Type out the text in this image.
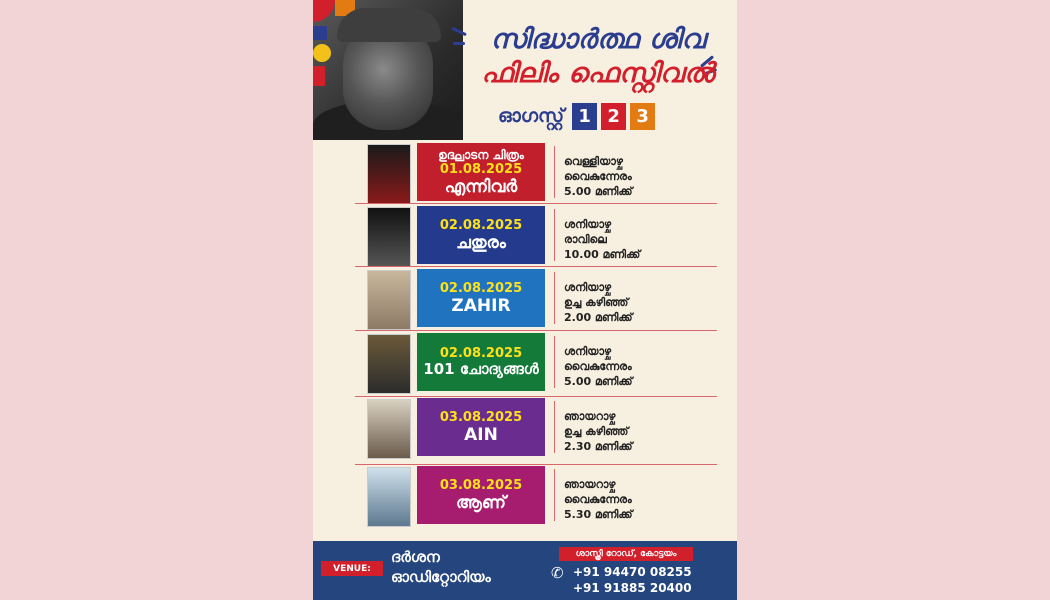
സിദ്ധാർത്ഥ ശിവ
ഫിലിം ഫെസ്റ്റിവൽ
ഓഗസ്റ്റ് 1 2 3
ഉദ്ഘാടന ചിത്രം
01.08.2025
എന്നിവർ
വെള്ളിയാഴ്ച
വൈകുന്നേരം
5.00 മണിക്ക്
02.08.2025
ചതുരം
ശനിയാഴ്ച
രാവിലെ
10.00 മണിക്ക്
02.08.2025
ZAHIR
ശനിയാഴ്ച
ഉച്ച കഴിഞ്ഞ്
2.00 മണിക്ക്
02.08.2025
101 ചോദ്യങ്ങൾ
ശനിയാഴ്ച
വൈകുന്നേരം
5.00 മണിക്ക്
03.08.2025
AIN
ഞായറാഴ്ച
ഉച്ച കഴിഞ്ഞ്
2.30 മണിക്ക്
03.08.2025
ആണ്
ഞായറാഴ്ച
വൈകുന്നേരം
5.30 മണിക്ക്
VENUE:
ദർശന
ഓഡിറ്റോറിയം
ശാസ്ത്രി റോഡ്, കോട്ടയം
✆ +91 94470 08255
+91 91885 20400
